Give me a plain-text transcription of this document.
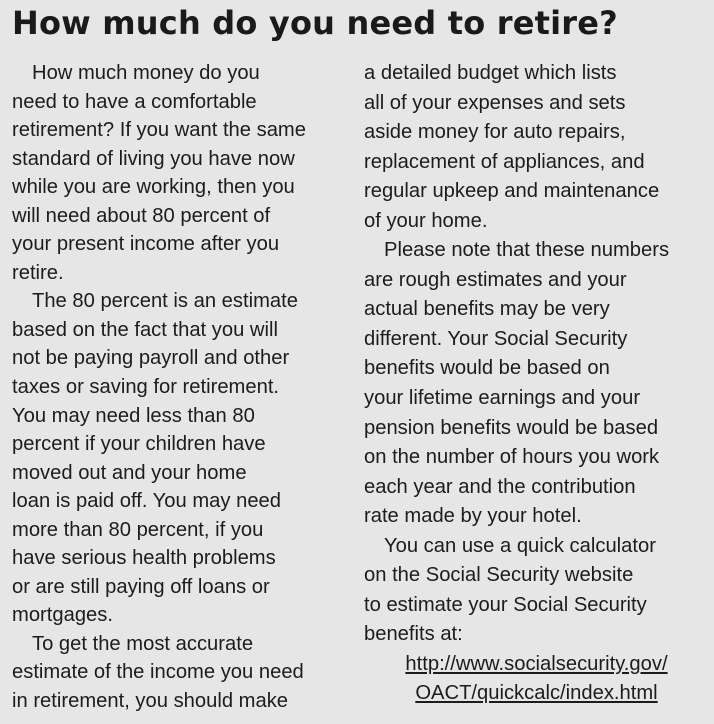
How much do you need to retire?
How much money do you
need to have a comfortable
retirement? If you want the same
standard of living you have now
while you are working, then you
will need about 80 percent of
your present income after you
retire.
The 80 percent is an estimate
based on the fact that you will
not be paying payroll and other
taxes or saving for retirement.
You may need less than 80
percent if your children have
moved out and your home
loan is paid off. You may need
more than 80 percent, if you
have serious health problems
or are still paying off loans or
mortgages.
To get the most accurate
estimate of the income you need
in retirement, you should make
a detailed budget which lists
all of your expenses and sets
aside money for auto repairs,
replacement of appliances, and
regular upkeep and maintenance
of your home.
Please note that these numbers
are rough estimates and your
actual benefits may be very
different. Your Social Security
benefits would be based on
your lifetime earnings and your
pension benefits would be based
on the number of hours you work
each year and the contribution
rate made by your hotel.
You can use a quick calculator
on the Social Security website
to estimate your Social Security
benefits at:
http://www.socialsecurity.gov/
OACT/quickcalc/index.html
